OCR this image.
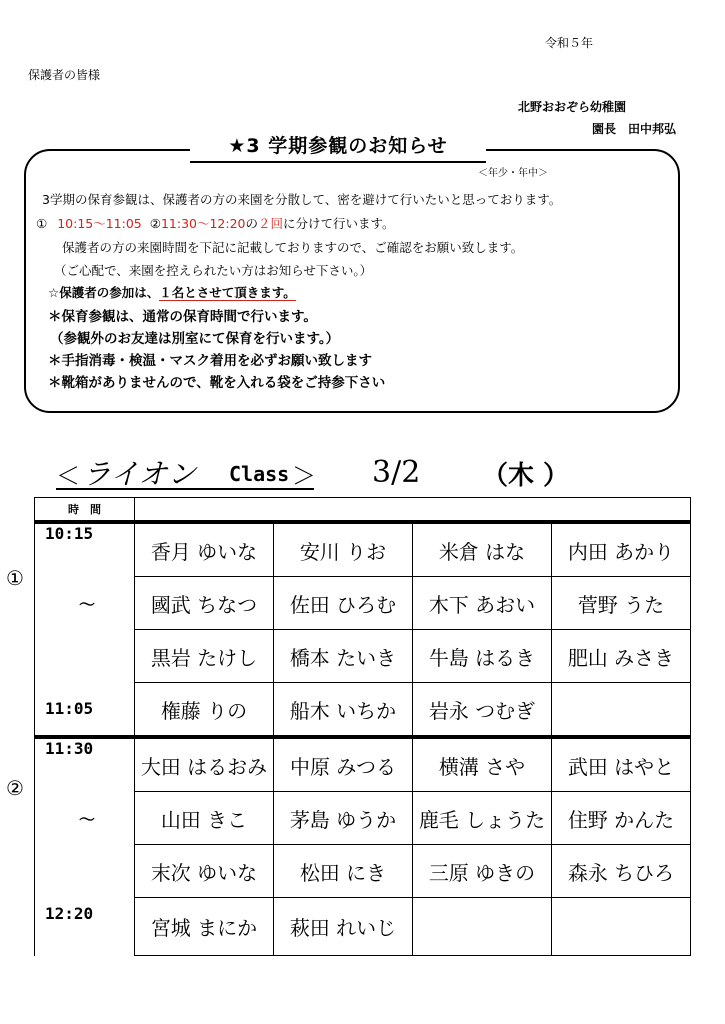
令和５年
保護者の皆様
北野おおぞら幼稚園
園長　田中邦弘
★3 学期参観のお知らせ
＜年少・年中＞
3学期の保育参観は、保護者の方の来園を分散して、密を避けて行いたいと思っております。
① 10:15～11:05 ②11:30～12:20の２回に分けて行います。
保護者の方の来園時間を下記に記載しておりますので、ご確認をお願い致します。
（ご心配で、来園を控えられたい方はお知らせ下さい。）
☆保護者の参加は、１名とさせて頂きます。
＊保育参観は、通常の保育時間で行います。
（参観外のお友達は別室にて保育を行います。）
＊手指消毒・検温・マスク着用を必ずお願い致します
＊靴箱がありませんので、靴を入れる袋をご持参下さい
＜ ライオン Class ＞ 3/2 （木 ）
①
②
時　間				
10:15	香月 ゆいな	安川 りお	米倉 はな	内田 あかり
〜	國武 ちなつ	佐田 ひろむ	木下 あおい	菅野 うた
	黒岩 たけし	橋本 たいき	牛島 はるき	肥山 みさき
11:05	権藤 りの	船木 いちか	岩永 つむぎ	
11:30	大田 はるおみ	中原 みつる	横溝 さや	武田 はやと
〜	山田 きこ	茅島 ゆうか	鹿毛 しょうた	住野 かんた
	末次 ゆいな	松田 にき	三原 ゆきの	森永 ちひろ
12:20	宮城 まにか	萩田 れいじ		
